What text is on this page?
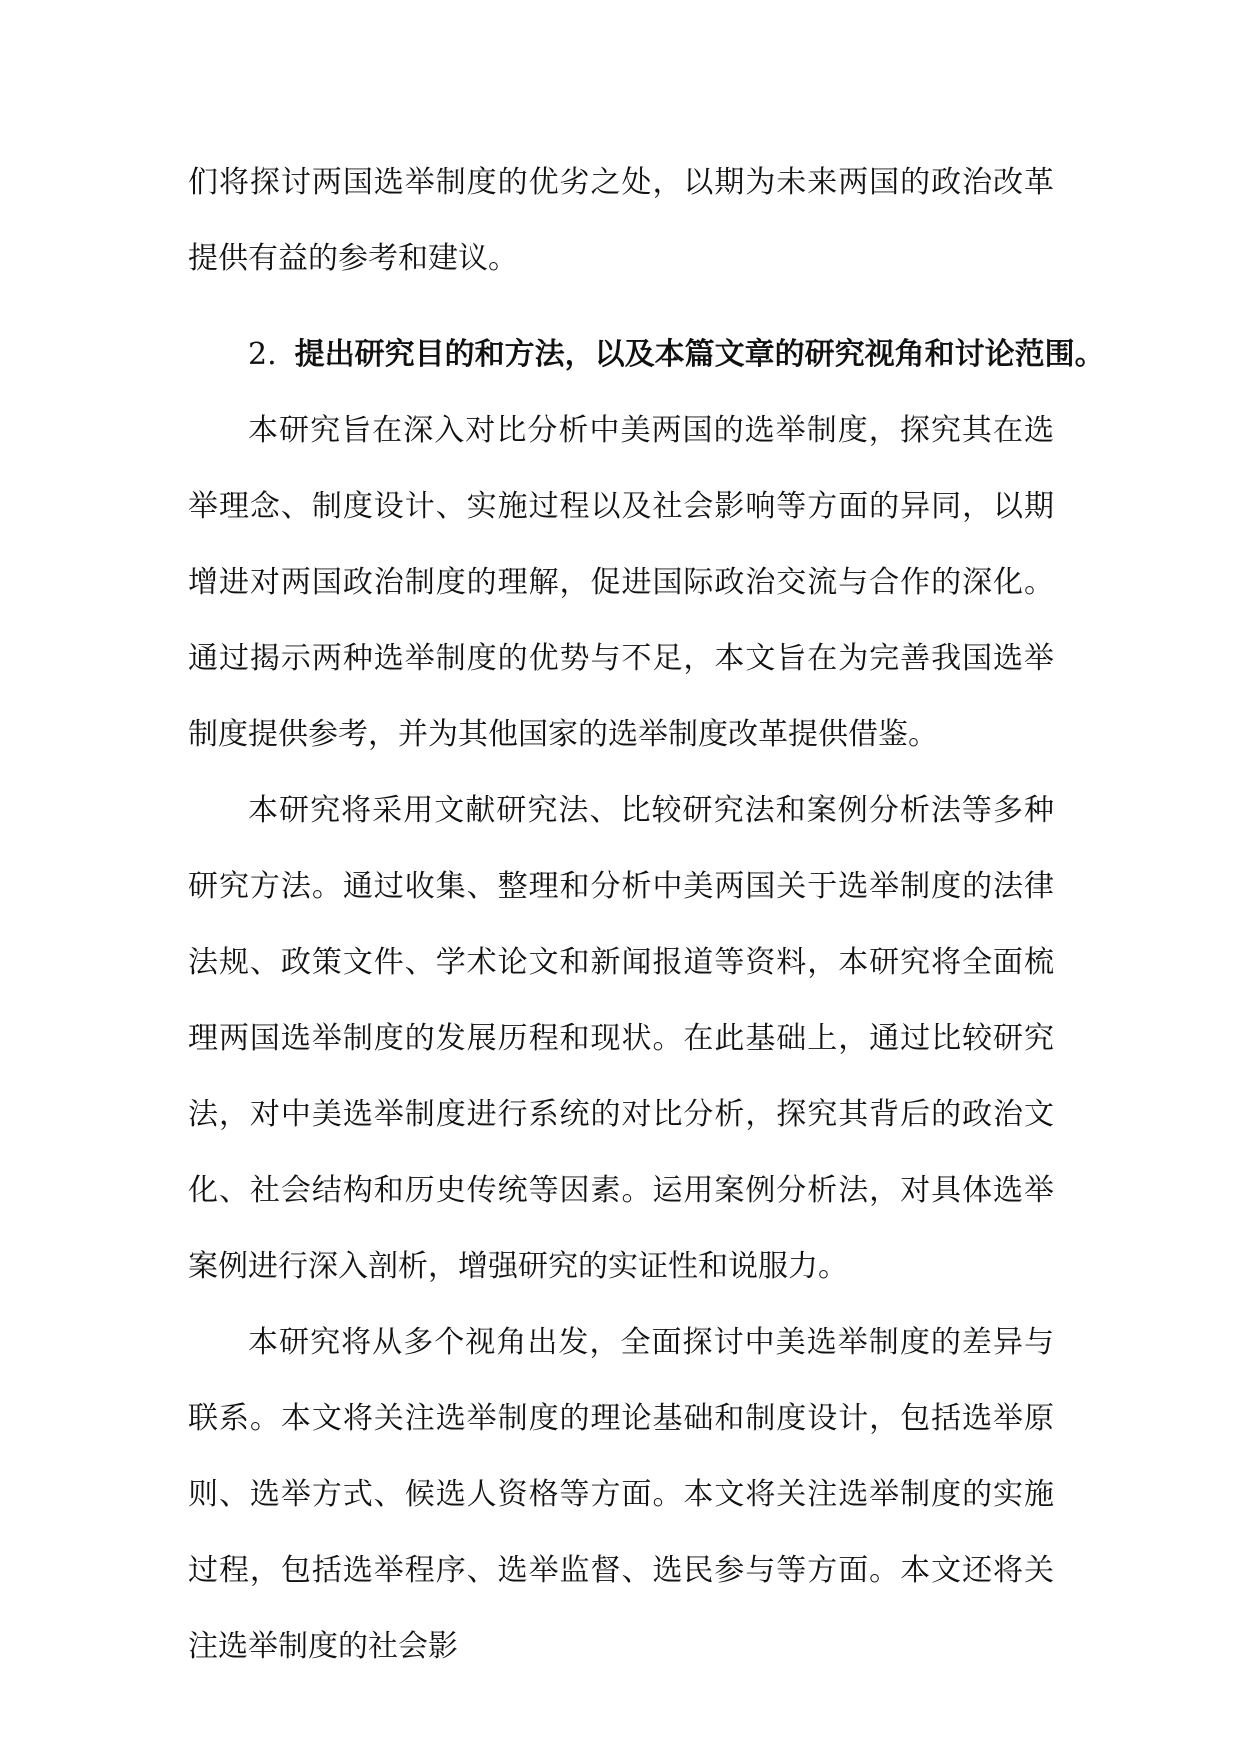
们将探讨两国选举制度的优劣之处，以期为未来两国的政治改革提供有益的参考和建议。

2. 提出研究目的和方法，以及本篇文章的研究视角和讨论范围。

本研究旨在深入对比分析中美两国的选举制度，探究其在选举理念、制度设计、实施过程以及社会影响等方面的异同，以期增进对两国政治制度的理解，促进国际政治交流与合作的深化。通过揭示两种选举制度的优势与不足，本文旨在为完善我国选举制度提供参考，并为其他国家的选举制度改革提供借鉴。

本研究将采用文献研究法、比较研究法和案例分析法等多种研究方法。通过收集、整理和分析中美两国关于选举制度的法律法规、政策文件、学术论文和新闻报道等资料，本研究将全面梳理两国选举制度的发展历程和现状。在此基础上，通过比较研究法，对中美选举制度进行系统的对比分析，探究其背后的政治文化、社会结构和历史传统等因素。运用案例分析法，对具体选举案例进行深入剖析，增强研究的实证性和说服力。

本研究将从多个视角出发，全面探讨中美选举制度的差异与联系。本文将关注选举制度的理论基础和制度设计，包括选举原则、选举方式、候选人资格等方面。本文将关注选举制度的实施过程，包括选举程序、选举监督、选民参与等方面。本文还将关注选举制度的社会影
